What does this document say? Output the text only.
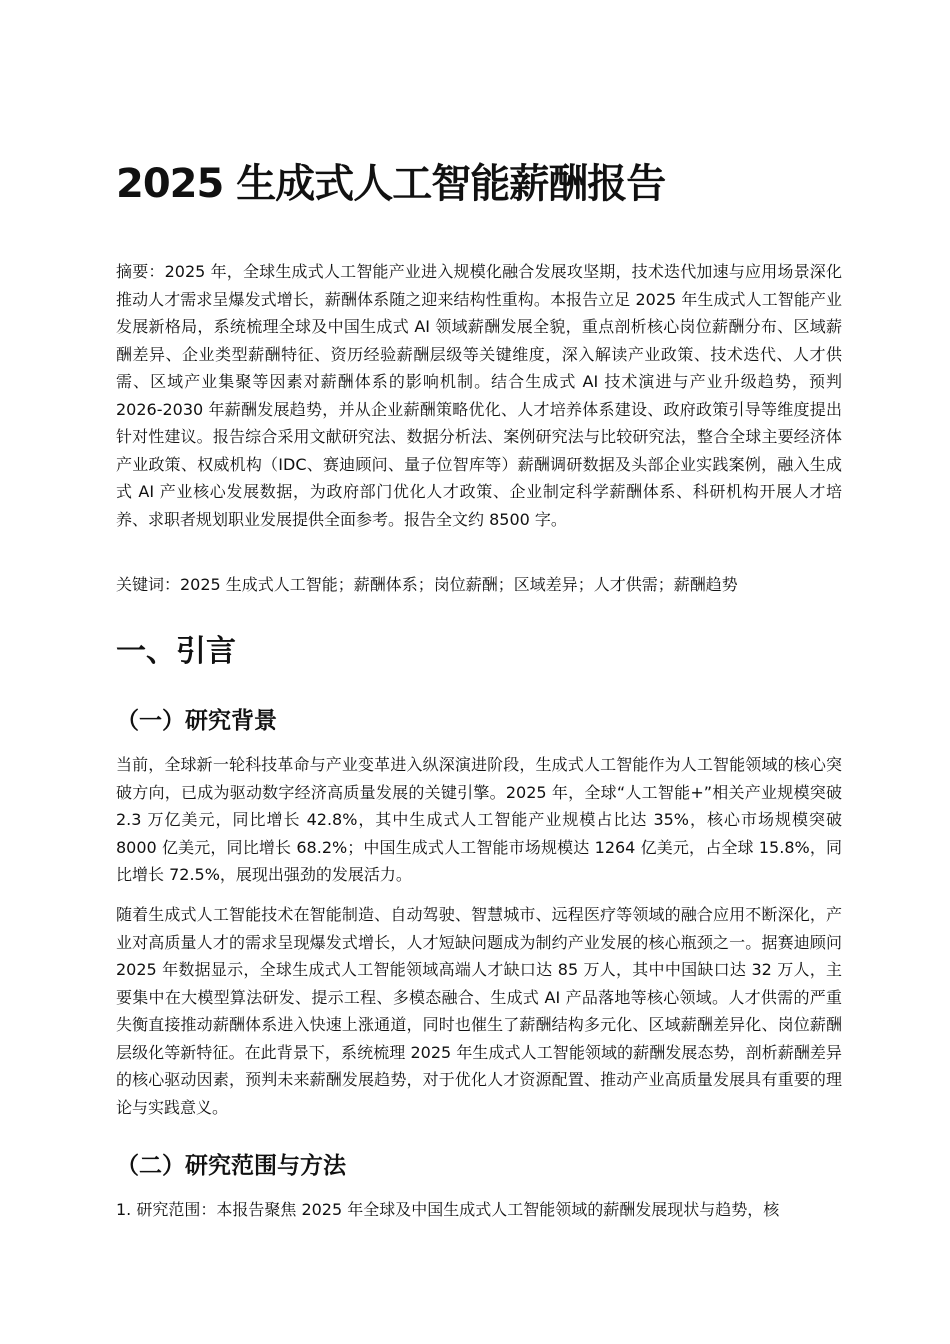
2025 生成式人工智能薪酬报告

摘要：2025 年，全球生成式人工智能产业进入规模化融合发展攻坚期，技术迭代加速与应用场景深化推动人才需求呈爆发式增长，薪酬体系随之迎来结构性重构。本报告立足 2025 年生成式人工智能产业发展新格局，系统梳理全球及中国生成式 AI 领域薪酬发展全貌，重点剖析核心岗位薪酬分布、区域薪酬差异、企业类型薪酬特征、资历经验薪酬层级等关键维度，深入解读产业政策、技术迭代、人才供需、区域产业集聚等因素对薪酬体系的影响机制。结合生成式 AI 技术演进与产业升级趋势，预判 2026-2030 年薪酬发展趋势，并从企业薪酬策略优化、人才培养体系建设、政府政策引导等维度提出针对性建议。报告综合采用文献研究法、数据分析法、案例研究法与比较研究法，整合全球主要经济体产业政策、权威机构（IDC、赛迪顾问、量子位智库等）薪酬调研数据及头部企业实践案例，融入生成式 AI 产业核心发展数据，为政府部门优化人才政策、企业制定科学薪酬体系、科研机构开展人才培养、求职者规划职业发展提供全面参考。报告全文约 8500 字。

关键词：2025 生成式人工智能；薪酬体系；岗位薪酬；区域差异；人才供需；薪酬趋势

一、引言
（一）研究背景

当前，全球新一轮科技革命与产业变革进入纵深演进阶段，生成式人工智能作为人工智能领域的核心突破方向，已成为驱动数字经济高质量发展的关键引擎。2025 年，全球“人工智能+”相关产业规模突破 2.3 万亿美元，同比增长 42.8%，其中生成式人工智能产业规模占比达 35%，核心市场规模突破 8000 亿美元，同比增长 68.2%；中国生成式人工智能市场规模达 1264 亿美元，占全球 15.8%，同比增长 72.5%，展现出强劲的发展活力。

随着生成式人工智能技术在智能制造、自动驾驶、智慧城市、远程医疗等领域的融合应用不断深化，产业对高质量人才的需求呈现爆发式增长，人才短缺问题成为制约产业发展的核心瓶颈之一。据赛迪顾问 2025 年数据显示，全球生成式人工智能领域高端人才缺口达 85 万人，其中中国缺口达 32 万人，主要集中在大模型算法研发、提示工程、多模态融合、生成式 AI 产品落地等核心领域。人才供需的严重失衡直接推动薪酬体系进入快速上涨通道，同时也催生了薪酬结构多元化、区域薪酬差异化、岗位薪酬层级化等新特征。在此背景下，系统梳理 2025 年生成式人工智能领域的薪酬发展态势，剖析薪酬差异的核心驱动因素，预判未来薪酬发展趋势，对于优化人才资源配置、推动产业高质量发展具有重要的理论与实践意义。

（二）研究范围与方法

1. 研究范围：本报告聚焦 2025 年全球及中国生成式人工智能领域的薪酬发展现状与趋势，核
